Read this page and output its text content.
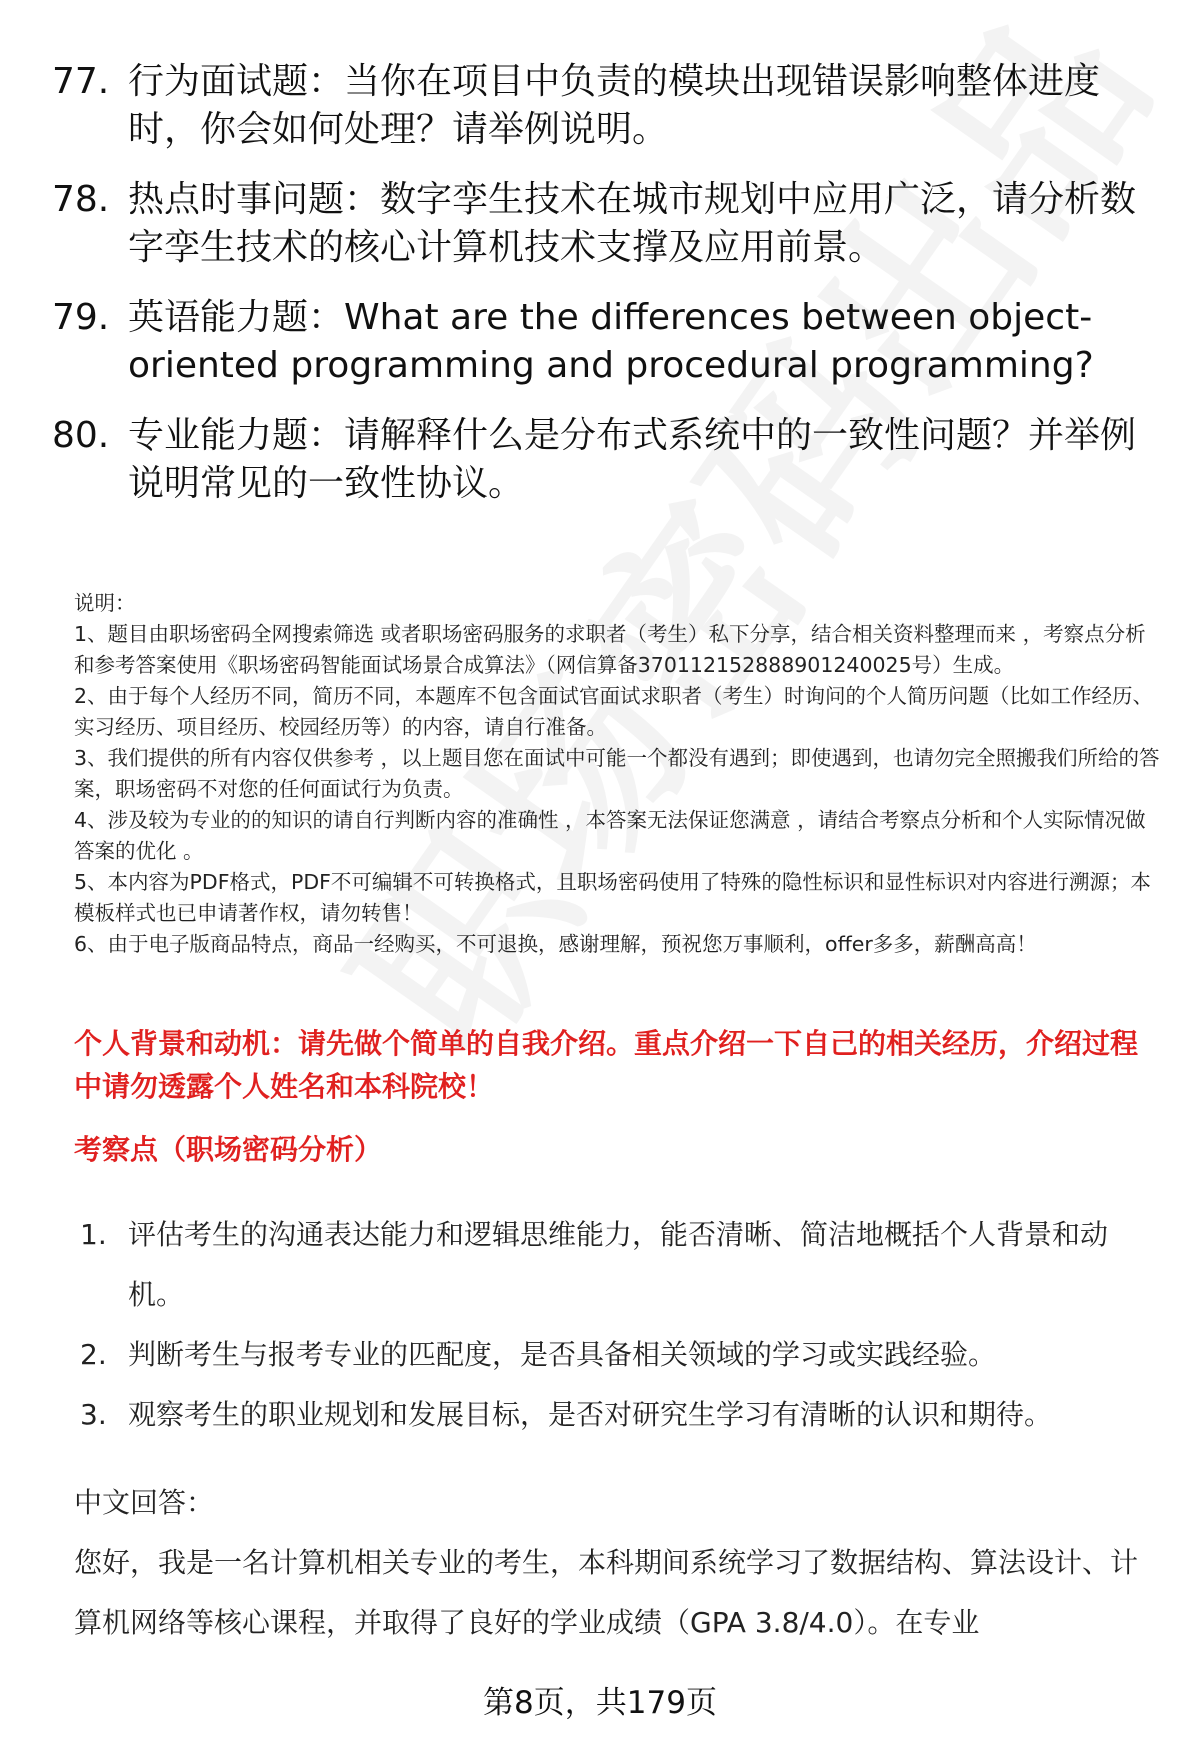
77. 行为面试题：当你在项目中负责的模块出现错误影响整体进度时，你会如何处理？请举例说明。
78. 热点时事问题：数字孪生技术在城市规划中应用广泛，请分析数字孪生技术的核心计算机技术支撑及应用前景。
79. 英语能力题：What are the differences between object-oriented programming and procedural programming?
80. 专业能力题：请解释什么是分布式系统中的一致性问题？并举例说明常见的一致性协议。
说明：
1、题目由职场密码全网搜索筛选 或者职场密码服务的求职者（考生）私下分享，结合相关资料整理而来 ，考察点分析和参考答案使用《职场密码智能面试场景合成算法》（网信算备370112152888901240025号）生成。
2、由于每个人经历不同，简历不同，本题库不包含面试官面试求职者（考生）时询问的个人简历问题（比如工作经历、实习经历、项目经历、校园经历等）的内容，请自行准备。
3、我们提供的所有内容仅供参考 ，以上题目您在面试中可能一个都没有遇到；即使遇到，也请勿完全照搬我们所给的答案，职场密码不对您的任何面试行为负责。
4、涉及较为专业的的知识的请自行判断内容的准确性 ，本答案无法保证您满意 ，请结合考察点分析和个人实际情况做答案的优化 。
5、本内容为PDF格式，PDF不可编辑不可转换格式，且职场密码使用了特殊的隐性标识和显性标识对内容进行溯源；本模板样式也已申请著作权，请勿转售！
6、由于电子版商品特点，商品一经购买，不可退换，感谢理解，预祝您万事顺利，offer多多，薪酬高高！
个人背景和动机：请先做个简单的自我介绍。重点介绍一下自己的相关经历，介绍过程中请勿透露个人姓名和本科院校！
考察点（职场密码分析）
1. 评估考生的沟通表达能力和逻辑思维能力，能否清晰、简洁地概括个人背景和动机。
2. 判断考生与报考专业的匹配度，是否具备相关领域的学习或实践经验。
3. 观察考生的职业规划和发展目标，是否对研究生学习有清晰的认识和期待。
中文回答：
您好，我是一名计算机相关专业的考生，本科期间系统学习了数据结构、算法设计、计算机网络等核心课程，并取得了良好的学业成绩（GPA 3.8/4.0）。在专业
第8页，共179页
